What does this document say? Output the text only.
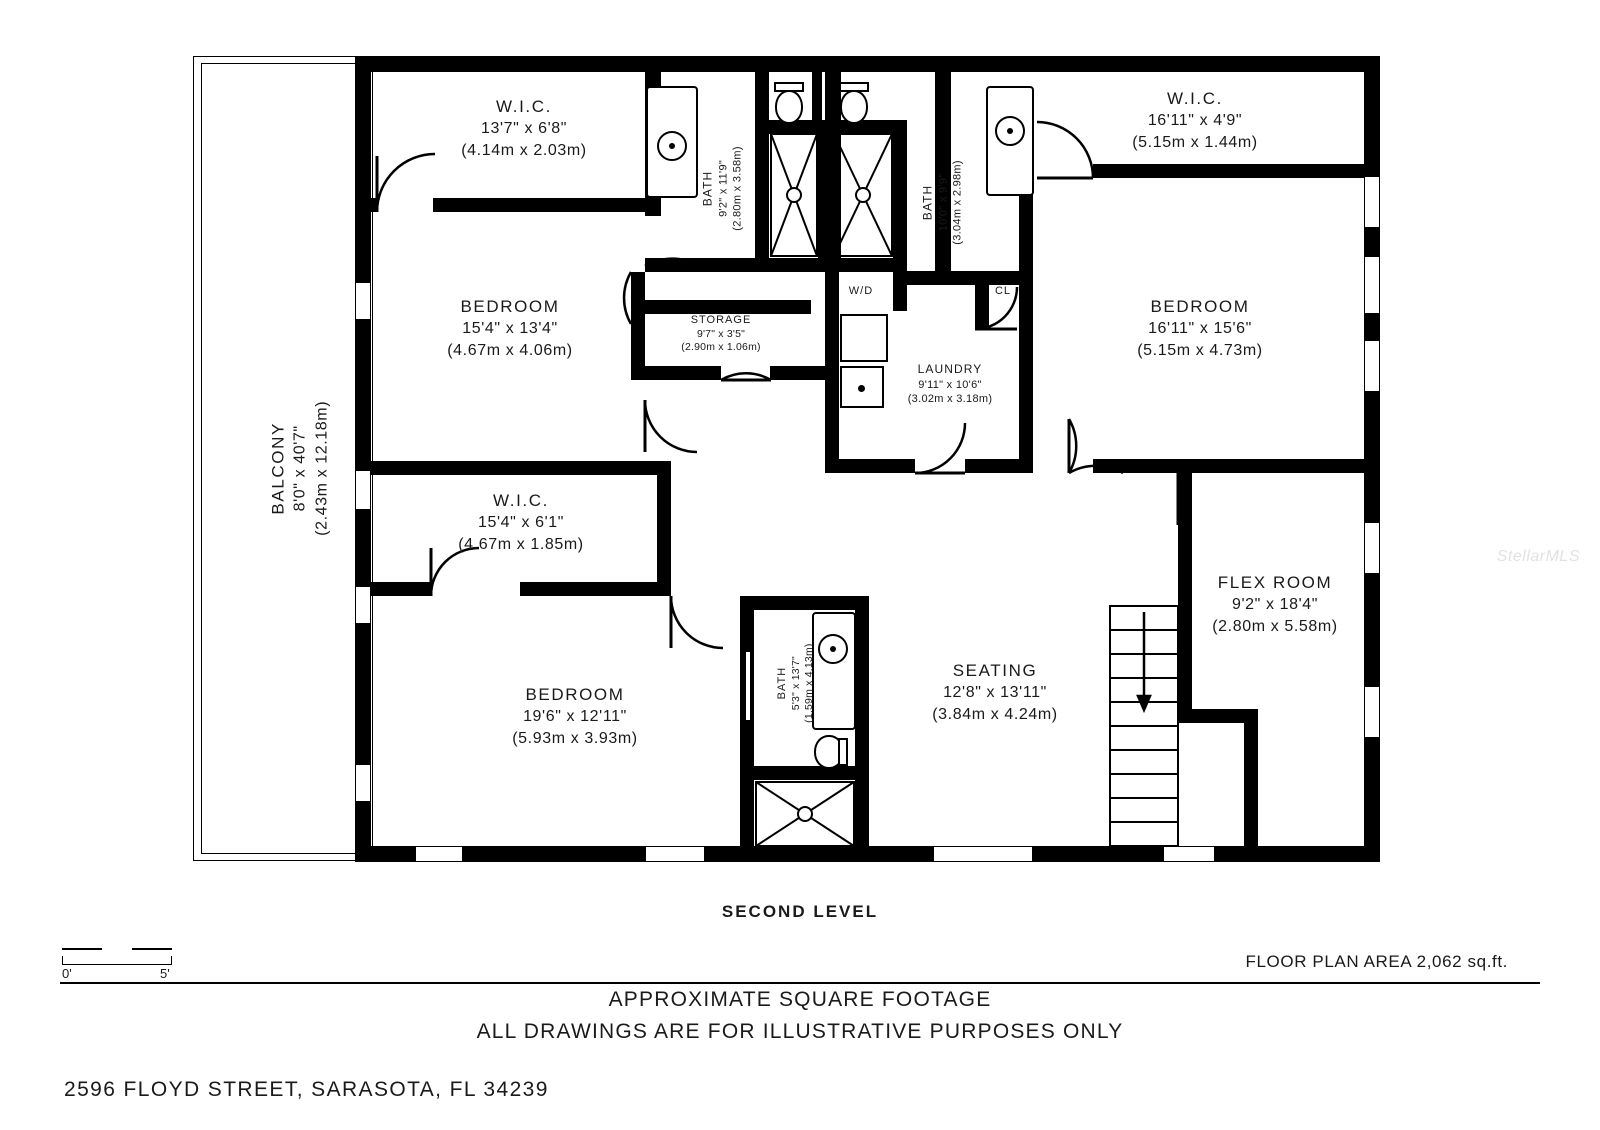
W.I.C.
13'7" x 6'8"
(4.14m x 2.03m)
BEDROOM
15'4" x 13'4"
(4.67m x 4.06m)
BALCONY 8'0" x 40'7" (2.43m x 12.18m)	W.I.C.
15'4" x 6'1"
(4.67m x 1.85m)
BEDROOM
19'6" x 12'11"
(5.93m x 3.93m)
BATH 9'2" x 11'9" (2.80m x 3.58m)	BATH 10'0" x 9'9" (3.04m x 2.98m)
STORAGE
9'7" x 3'5"
(2.90m x 1.06m)
LAUNDRY
9'11" x 10'6"
(3.02m x 3.18m)
W/D	CL
W.I.C.
16'11" x 4'9"
(5.15m x 1.44m)
BEDROOM
16'11" x 15'6"
(5.15m x 4.73m)
FLEX ROOM
9'2" x 18'4"
(2.80m x 5.58m)
SEATING
12'8" x 13'11"
(3.84m x 4.24m)
BATH 5'3" x 13'7" (1.59m x 4.13m)
StellarMLS
SECOND LEVEL
FLOOR PLAN AREA 2,062 sq.ft.
APPROXIMATE SQUARE FOOTAGE
ALL DRAWINGS ARE FOR ILLUSTRATIVE PURPOSES ONLY
0'	5'
2596 FLOYD STREET, SARASOTA, FL 34239
